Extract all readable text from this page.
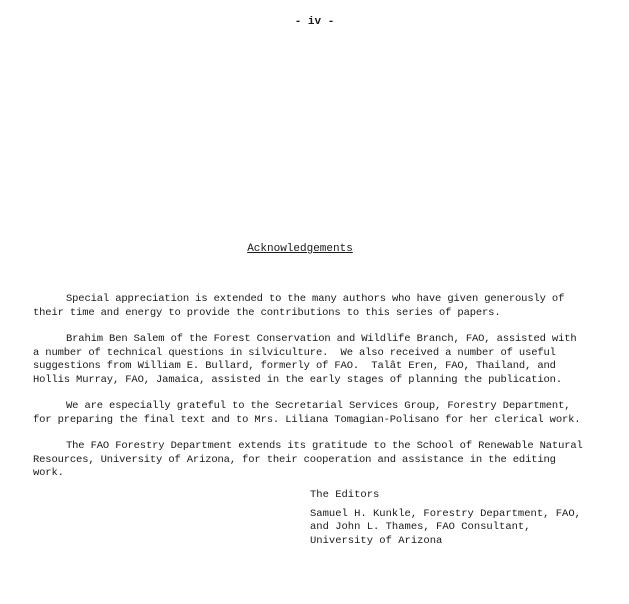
- iv -
Acknowledgements

Special appreciation is extended to the many authors who have given generously of
their time and energy to provide the contributions to this series of papers.

Brahim Ben Salem of the Forest Conservation and Wildlife Branch, FAO, assisted with
a number of technical questions in silviculture.  We also received a number of useful
suggestions from William E. Bullard, formerly of FAO.  Talât Eren, FAO, Thailand, and
Hollis Murray, FAO, Jamaica, assisted in the early stages of planning the publication.

We are especially grateful to the Secretarial Services Group, Forestry Department,
for preparing the final text and to Mrs. Liliana Tomagian-Polisano for her clerical work.

The FAO Forestry Department extends its gratitude to the School of Renewable Natural
Resources, University of Arizona, for their cooperation and assistance in the editing
work.

The Editors
Samuel H. Kunkle, Forestry Department, FAO,
and John L. Thames, FAO Consultant,
University of Arizona
